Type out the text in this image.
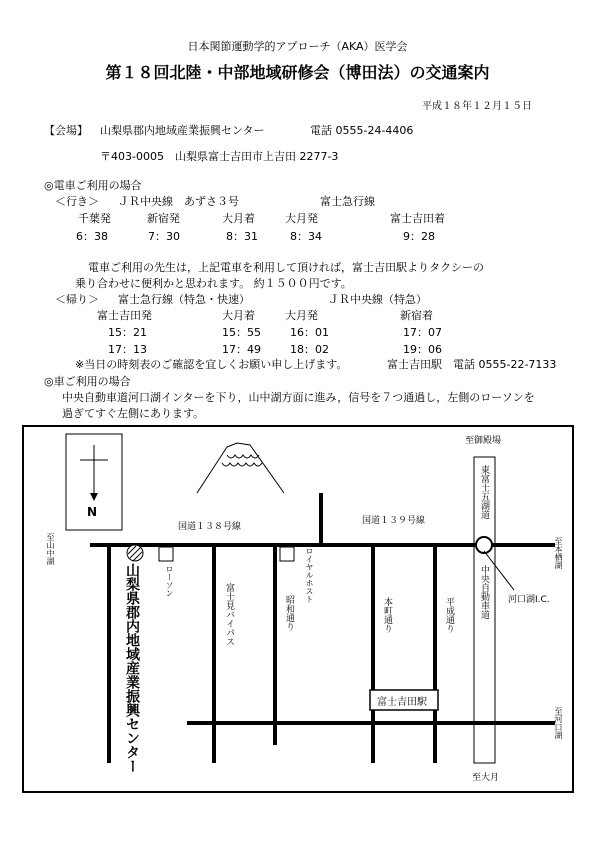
日本関節運動学的アプローチ（AKA）医学会
第１８回北陸・中部地域研修会（博田法）の交通案内
平成１８年１２月１５日
【会場】 山梨県郡内地域産業振興センター	電話 0555-24-4406
〒403-0005　山梨県富士吉田市上吉田 2277-3
◎電車ご利用の場合
＜行き＞ ＪＲ中央線　あずさ３号	富士急行線
千葉発	新宿発	大月着	大月発	富士吉田着
6：38	7：30	8：31	8：34	9：28
電車ご利用の先生は，上記電車を利用して頂ければ，富士吉田駅よりタクシーの
乗り合わせに便利かと思われます。 約１５００円です。
＜帰り＞ 富士急行線（特急・快速）	ＪＲ中央線（特急）
富士吉田発	大月着	大月発	新宿着
15：21	15：55	16：01	17：07
17：13	17：49	18：02	19：06
※当日の時刻表のご確認を宜しくお願い申し上げます。	富士吉田駅　電話 0555-22-7133
◎車ご利用の場合
中央自動車道河口湖インターを下り，山中湖方面に進み，信号を７つ通過し，左側のローソンを
過ぎてすぐ左側にあります。
N
至御殿場
至山中湖	至本栖湖
至河口湖
至大月
国道１３８号線
国道１３９号線
東富士五湖道
中央自動車道 河口湖I.C.
ローソン	ロイヤルホスト
富士見バイパス	昭和通り	本町通り	平成通り
富士吉田駅
山梨県郡内地域産業振興センター
